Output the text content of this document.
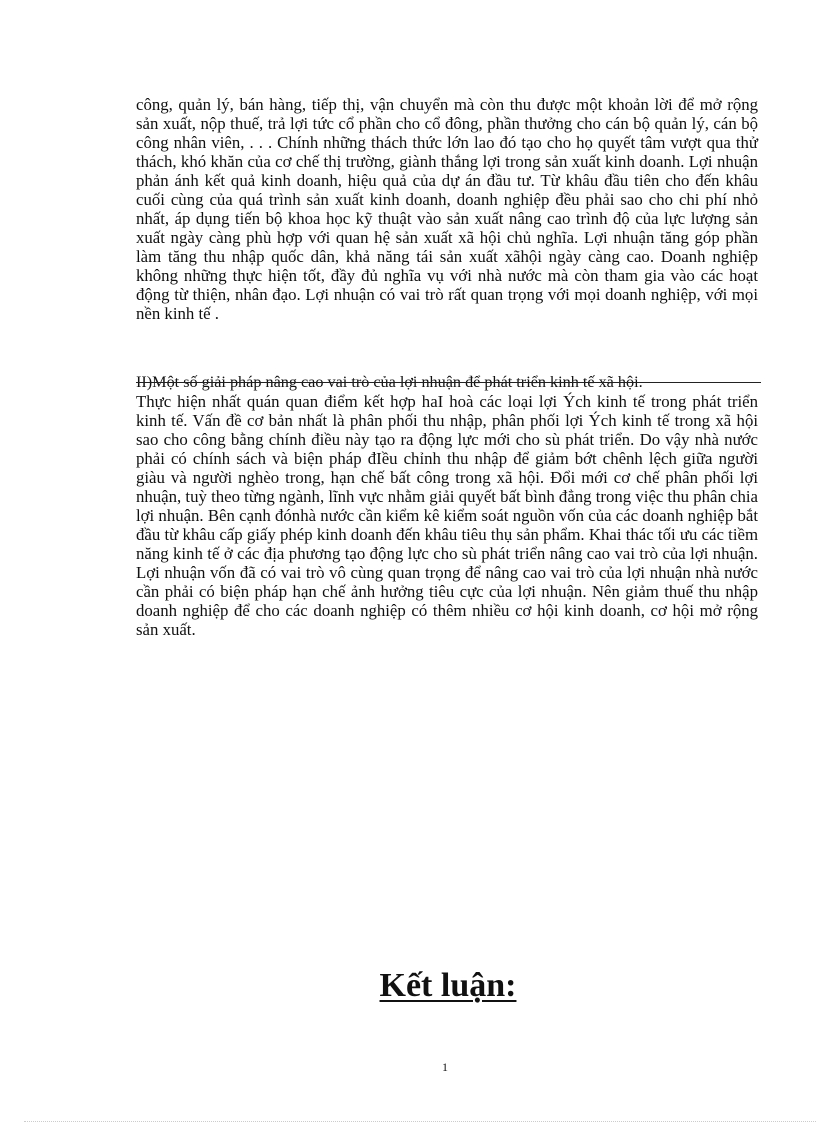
công, quản lý, bán hàng, tiếp thị, vận chuyển mà còn thu được một khoản lời để mở rộng sản xuất, nộp thuế, trả lợi tức cổ phần cho cổ đông, phần thưởng cho cán bộ quản lý, cán bộ công nhân viên, . . . Chính những thách thức lớn lao đó tạo cho họ quyết tâm vượt qua thử thách, khó khăn của cơ chế thị trường, giành thắng lợi trong sản xuất kinh doanh. Lợi nhuận phản ánh kết quả kinh doanh, hiệu quả của dự án đầu tư. Từ khâu đầu tiên cho đến khâu cuối cùng của quá trình sản xuất kinh doanh, doanh nghiệp đều phải sao cho chi phí nhỏ nhất, áp dụng tiến bộ khoa học kỹ thuật vào sản xuất nâng cao trình độ của lực lượng sản xuất ngày càng phù hợp với quan hệ sản xuất xã hội chủ nghĩa. Lợi nhuận tăng góp phần làm tăng thu nhập quốc dân, khả năng tái sản xuất xãhội ngày càng cao. Doanh nghiệp không những thực hiện tốt, đầy đủ nghĩa vụ với nhà nước mà còn tham gia vào các hoạt động từ thiện, nhân đạo. Lợi nhuận có vai trò rất quan trọng với mọi doanh nghiệp, với mọi nền kinh tế .

II)Một số giải pháp nâng cao vai trò của lợi nhuận để phát triển kinh tế xã hội.

Thực hiện nhất quán quan điểm kết hợp haI hoà các loại lợi Ých kinh tế trong phát triển kinh tế. Vấn đề cơ bản nhất là phân phối thu nhập, phân phối lợi Ých kinh tế trong xã hội sao cho công bằng chính điều này tạo ra động lực mới cho sù phát triển. Do vậy nhà nước phải có chính sách và biện pháp đIều chỉnh thu nhập để giảm bớt chênh lệch giữa người giàu và người nghèo trong, hạn chế bất công trong xã hội. Đổi mới cơ chế phân phối lợi nhuận, tuỳ theo từng ngành, lĩnh vực nhằm giải quyết bất bình đẳng trong việc thu phân chia lợi nhuận. Bên cạnh đónhà nước cần kiểm kê kiểm soát nguồn vốn của các doanh nghiệp bắt đầu từ khâu cấp giấy phép kinh doanh đến khâu tiêu thụ sản phẩm. Khai thác tối ưu các tiềm năng kinh tế ở các địa phương tạo động lực cho sù phát triển nâng cao vai trò của lợi nhuận. Lợi nhuận vốn đã có vai trò vô cùng quan trọng để nâng cao vai trò của lợi nhuận nhà nước cần phải có biện pháp hạn chế ảnh hưởng tiêu cực của lợi nhuận. Nên giảm thuế thu nhập doanh nghiệp để cho các doanh nghiệp có thêm nhiều cơ hội kinh doanh, cơ hội mở rộng sản xuất.

Kết luận:

1
